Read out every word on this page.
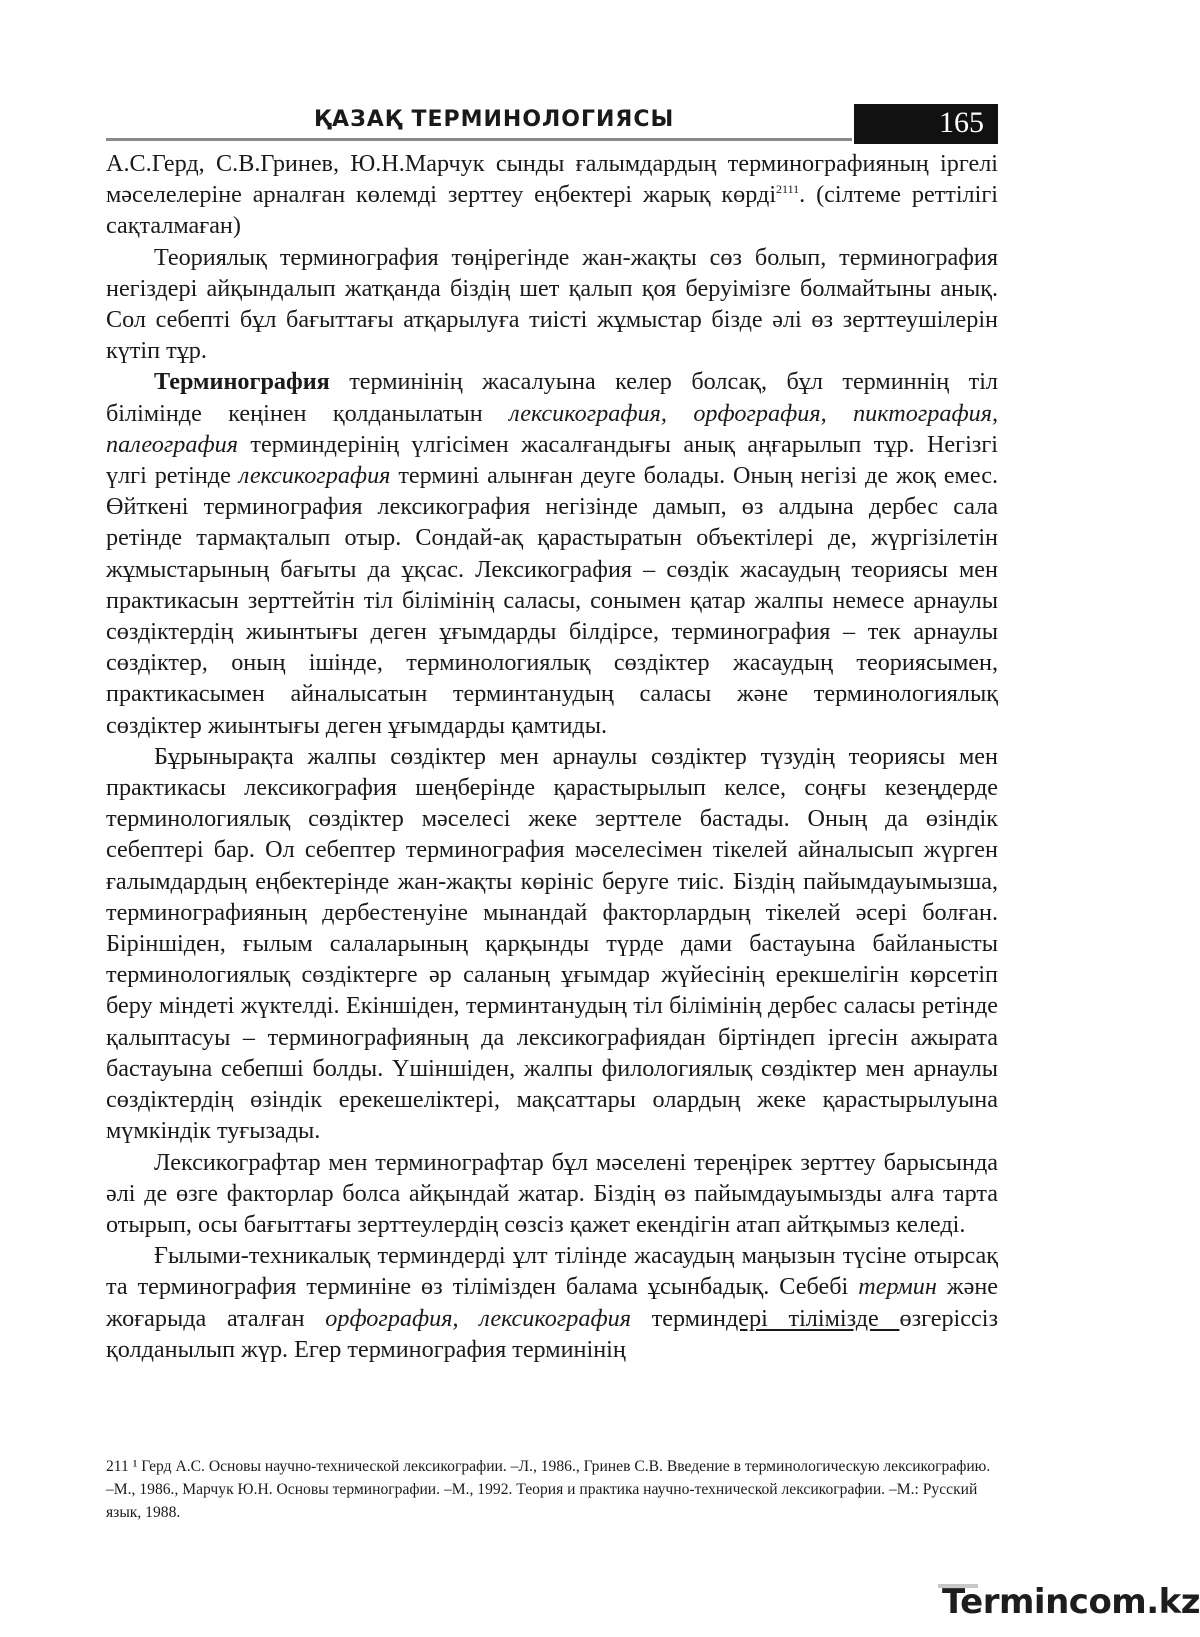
ҚАЗАҚ ТЕРМИНОЛОГИЯСЫ	165

А.С.Герд, С.В.Гринев, Ю.Н.Марчук сынды ғалымдардың терминографияның іргелі мәселелеріне арналған көлемді зерттеу еңбектері жарық көрді$^{2111}$. (сілтеме реттілігі сақталмаған)

Теориялық терминография төңірегінде жан-жақты сөз болып, терминография негіздері айқындалып жатқанда біздің шет қалып қоя беруімізге болмайтыны анық. Сол себепті бұл бағыттағы атқарылуға тиісті жұмыстар бізде әлі өз зерттеушілерін күтіп тұр.

Терминография терминінің жасалуына келер болсақ, бұл терминнің тіл білімінде кеңінен қолданылатын лексикография, орфография, пиктография, палеография терминдерінің үлгісімен жасалғандығы анық аңғарылып тұр. Негізгі үлгі ретінде лексикография термині алынған деуге болады. Оның негізі де жоқ емес. Өйткені терминография лексикография негізінде дамып, өз алдына дербес сала ретінде тармақталып отыр. Сондай-ақ қарастыратын объектілері де, жүргізілетін жұмыстарының бағыты да ұқсас. Лексикография – сөздік жасаудың теориясы мен практикасын зерттейтін тіл білімінің саласы, сонымен қатар жалпы немесе арнаулы сөздіктердің жиынтығы деген ұғымдарды білдірсе, терминография – тек арнаулы сөздіктер, оның ішінде, терминологиялық сөздіктер жасаудың теориясымен, практикасымен айналысатын терминтанудың саласы және терминологиялық сөздіктер жиынтығы деген ұғымдарды қамтиды.

Бұрынырақта жалпы сөздіктер мен арнаулы сөздіктер түзудің теориясы мен практикасы лексикография шеңберінде қарастырылып келсе, соңғы кезеңдерде терминологиялық сөздіктер мәселесі жеке зерттеле бастады. Оның да өзіндік себептері бар. Ол себептер терминография мәселесімен тікелей айналысып жүрген ғалымдардың еңбектерінде жан-жақты көрініс беруге тиіс. Біздің пайымдауымызша, терминографияның дербестенуіне мынандай факторлардың тікелей әсері болған. Біріншіден, ғылым салаларының қарқынды түрде дами бастауына байланысты терминологиялық сөздіктерге әр саланың ұғымдар жүйесінің ерекшелігін көрсетіп беру міндеті жүктелді. Екіншіден, терминтанудың тіл білімінің дербес саласы ретінде қалыптасуы – терминографияның да лексикографиядан біртіндеп іргесін ажырата бастауына себепші болды. Үшіншіден, жалпы филологиялық сөздіктер мен арнаулы сөздіктердің өзіндік ерекешеліктері, мақсаттары олардың жеке қарастырылуына мүмкіндік туғызады.

Лексикографтар мен терминографтар бұл мәселені тереңірек зерттеу барысында әлі де өзге факторлар болса айқындай жатар. Біздің өз пайымдауымызды алға тарта отырып, осы бағыттағы зерттеулердің сөзсіз қажет екендігін атап айтқымыз келеді.

Ғылыми-техникалық терминдерді ұлт тілінде жасаудың маңызын түсіне отырсақ та терминография терминіне өз тілімізден балама ұсынбадық. Себебі термин және жоғарыда аталған орфография, лексикография терминдері тілімізде өзгеріссіз қолданылып жүр. Егер терминография терминінің

211 ¹ Герд А.С. Основы научно-технической лексикографии. –Л., 1986., Гринев С.В. Введение в терминологическую лексикографию. –М., 1986., Марчук Ю.Н. Основы терминографии. –М., 1992. Теория и практика научно-технической лексикографии. –М.: Русский язык, 1988.

Termincom.kz
